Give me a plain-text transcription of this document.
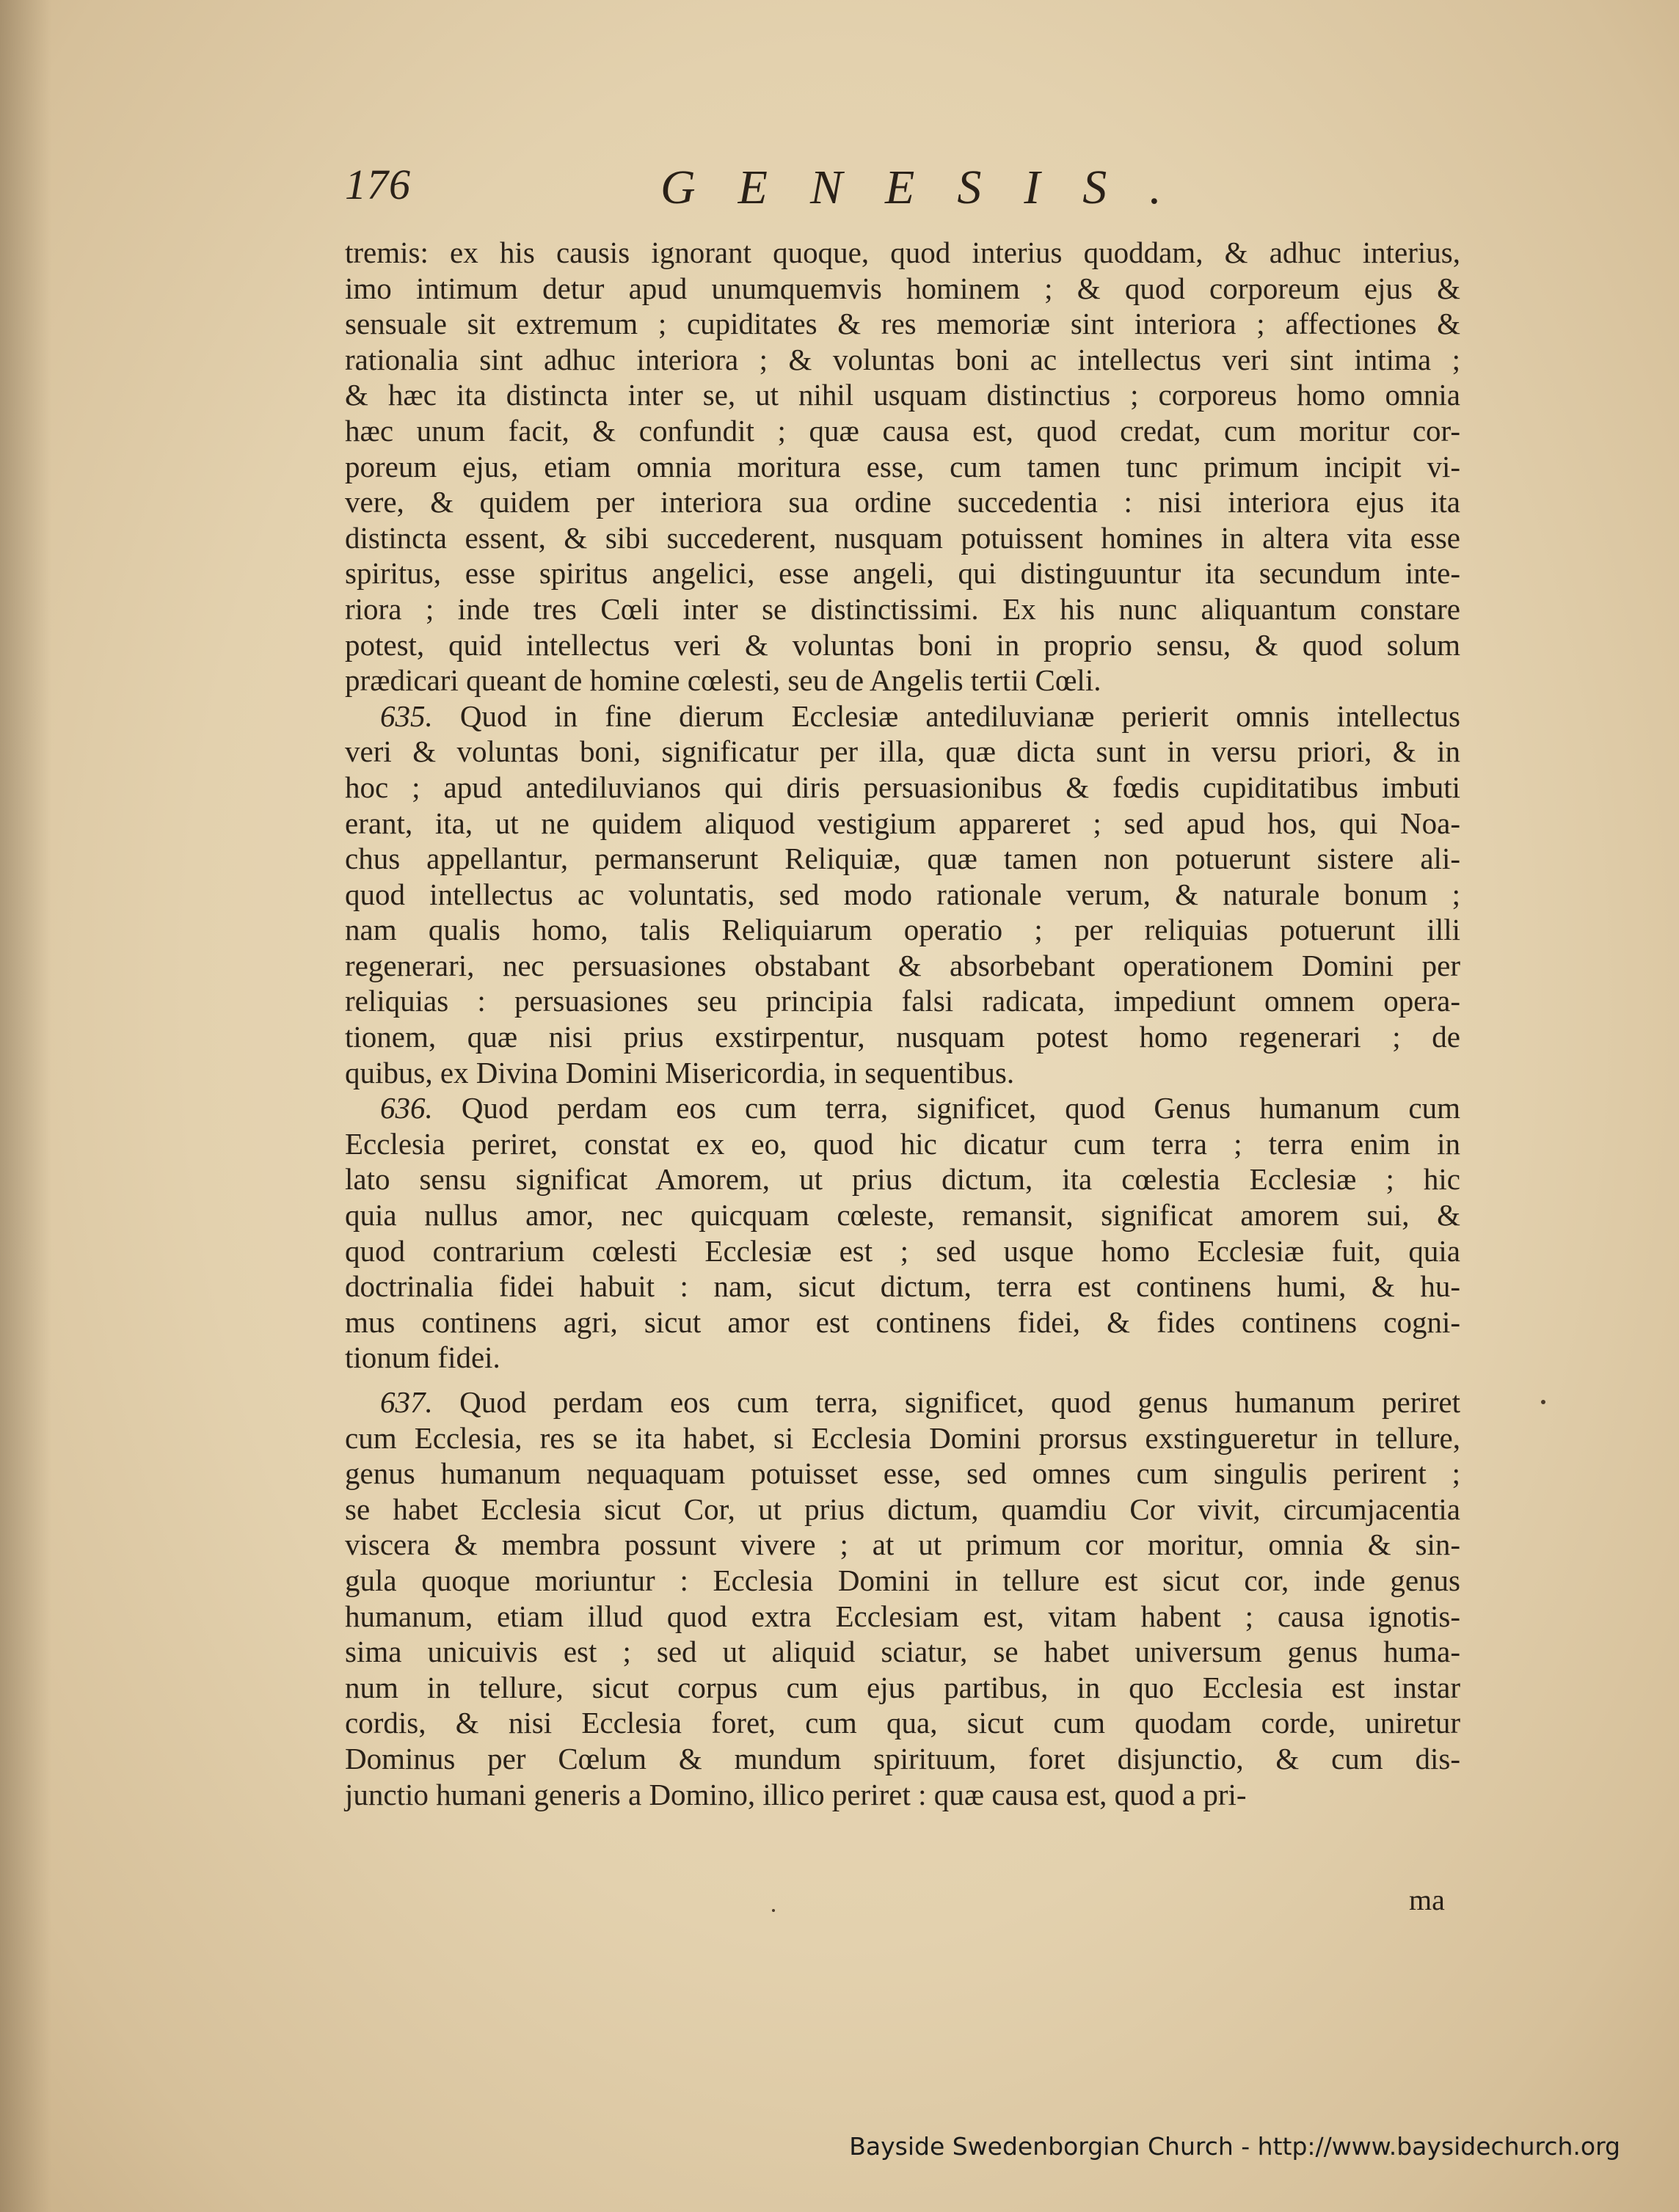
176	GENESIS.

tremis: ex his causis ignorant quoque, quod interius quoddam, & adhuc interius,
imo intimum detur apud unumquemvis hominem ; & quod corporeum ejus &
sensuale sit extremum ; cupiditates & res memoriæ sint interiora ; affectiones &
rationalia sint adhuc interiora ; & voluntas boni ac intellectus veri sint intima ;
& hæc ita distincta inter se, ut nihil usquam distinctius ; corporeus homo omnia
hæc unum facit, & confundit ; quæ causa est, quod credat, cum moritur cor-
poreum ejus, etiam omnia moritura esse, cum tamen tunc primum incipit vi-
vere, & quidem per interiora sua ordine succedentia : nisi interiora ejus ita
distincta essent, & sibi succederent, nusquam potuissent homines in altera vita esse
spiritus, esse spiritus angelici, esse angeli, qui distinguuntur ita secundum inte-
riora ; inde tres Cœli inter se distinctissimi. Ex his nunc aliquantum constare
potest, quid intellectus veri & voluntas boni in proprio sensu, & quod solum
prædicari queant de homine cœlesti, seu de Angelis tertii Cœli.

635. Quod in fine dierum Ecclesiæ antediluvianæ perierit omnis intellectus
veri & voluntas boni, significatur per illa, quæ dicta sunt in versu priori, & in
hoc ; apud antediluvianos qui diris persuasionibus & fœdis cupiditatibus imbuti
erant, ita, ut ne quidem aliquod vestigium appareret ; sed apud hos, qui Noa-
chus appellantur, permanserunt Reliquiæ, quæ tamen non potuerunt sistere ali-
quod intellectus ac voluntatis, sed modo rationale verum, & naturale bonum ;
nam qualis homo, talis Reliquiarum operatio ; per reliquias potuerunt illi
regenerari, nec persuasiones obstabant & absorbebant operationem Domini per
reliquias : persuasiones seu principia falsi radicata, impediunt omnem opera-
tionem, quæ nisi prius exstirpentur, nusquam potest homo regenerari ; de
quibus, ex Divina Domini Misericordia, in sequentibus.

636. Quod perdam eos cum terra, significet, quod Genus humanum cum
Ecclesia periret, constat ex eo, quod hic dicatur cum terra ; terra enim in
lato sensu significat Amorem, ut prius dictum, ita cœlestia Ecclesiæ ; hic
quia nullus amor, nec quicquam cœleste, remansit, significat amorem sui, &
quod contrarium cœlesti Ecclesiæ est ; sed usque homo Ecclesiæ fuit, quia
doctrinalia fidei habuit : nam, sicut dictum, terra est continens humi, & hu-
mus continens agri, sicut amor est continens fidei, & fides continens cogni-
tionum fidei.

637. Quod perdam eos cum terra, significet, quod genus humanum periret
cum Ecclesia, res se ita habet, si Ecclesia Domini prorsus exstingueretur in tellure,
genus humanum nequaquam potuisset esse, sed omnes cum singulis perirent ;
se habet Ecclesia sicut Cor, ut prius dictum, quamdiu Cor vivit, circumjacentia
viscera & membra possunt vivere ; at ut primum cor moritur, omnia & sin-
gula quoque moriuntur : Ecclesia Domini in tellure est sicut cor, inde genus
humanum, etiam illud quod extra Ecclesiam est, vitam habent ; causa ignotis-
sima unicuivis est ; sed ut aliquid sciatur, se habet universum genus huma-
num in tellure, sicut corpus cum ejus partibus, in quo Ecclesia est instar
cordis, & nisi Ecclesia foret, cum qua, sicut cum quodam corde, uniretur
Dominus per Cœlum & mundum spirituum, foret disjunctio, & cum dis-
junctio humani generis a Domino, illico periret : quæ causa est, quod a pri-

ma
Bayside Swedenborgian Church - http://www.baysidechurch.org
